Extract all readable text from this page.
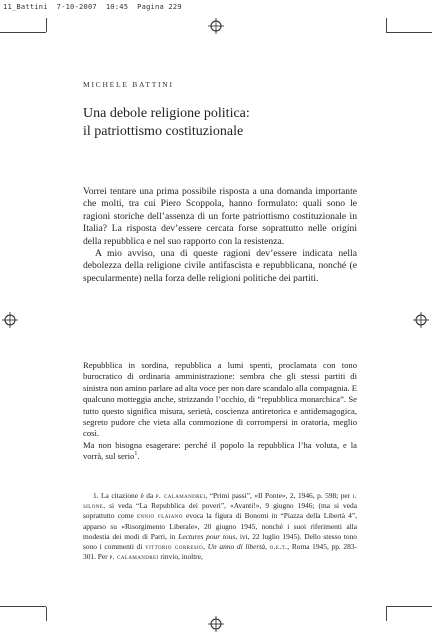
11_Battini  7-10-2007  10:45  Pagina 229

MICHELE BATTINI

Una debole religione politica:
il patriottismo costituzionale

Vorrei tentare una prima possibile risposta a una domanda importante che molti, tra cui Piero Scoppola, hanno formulato: quali sono le ragioni storiche dell’assenza di un forte patriottismo costituzionale in Italia? La risposta dev’essere cercata forse soprattutto nelle origini della repubblica e nel suo rapporto con la resistenza.

A mio avviso, una di queste ragioni dev’essere indicata nella debolezza della religione civile antifascista e repubblicana, nonché (e specularmente) nella forza delle religioni politiche dei partiti.

Repubblica in sordina, repubblica a lumi spenti, proclamata con tono burocratico di ordinaria amministrazione: sembra che gli stessi partiti di sinistra non amino parlare ad alta voce per non dare scandalo alla compagnia. E qualcuno motteggia anche, strizzando l’occhio, di “repubblica monarchica”. Se tutto questo significa misura, serietà, coscienza antiretorica e antidemagogica, segreto pudore che vieta alla commozione di corrompersi in oratoria, meglio così.

Ma non bisogna esagerare: perché il popolo la repubblica l’ha voluta, e la vorrà, sul serio$^1$.

1. La citazione è da p. calamandrei, “Primi passi”, «Il Ponte», 2, 1946, p. 598; per i. silone, si veda “La Repubblica dei poveri”, «Avanti!», 9 giugno 1946; (ma si veda soprattutto come ennio flaiano evoca la figura di Bonomi in “Piazza della Libertà 4”, apparso su «Risorgimento Liberale», 20 giugno 1945, nonché i suoi riferimenti alla modestia dei modi di Parri, in Lectures pour tous, ivi, 22 luglio 1945). Dello stesso tono sono i commenti di vittorio gorresio, Un anno di libertà, o.e.t., Roma 1945, pp. 283-301. Per p. calamandrei rinvio, inoltre,
